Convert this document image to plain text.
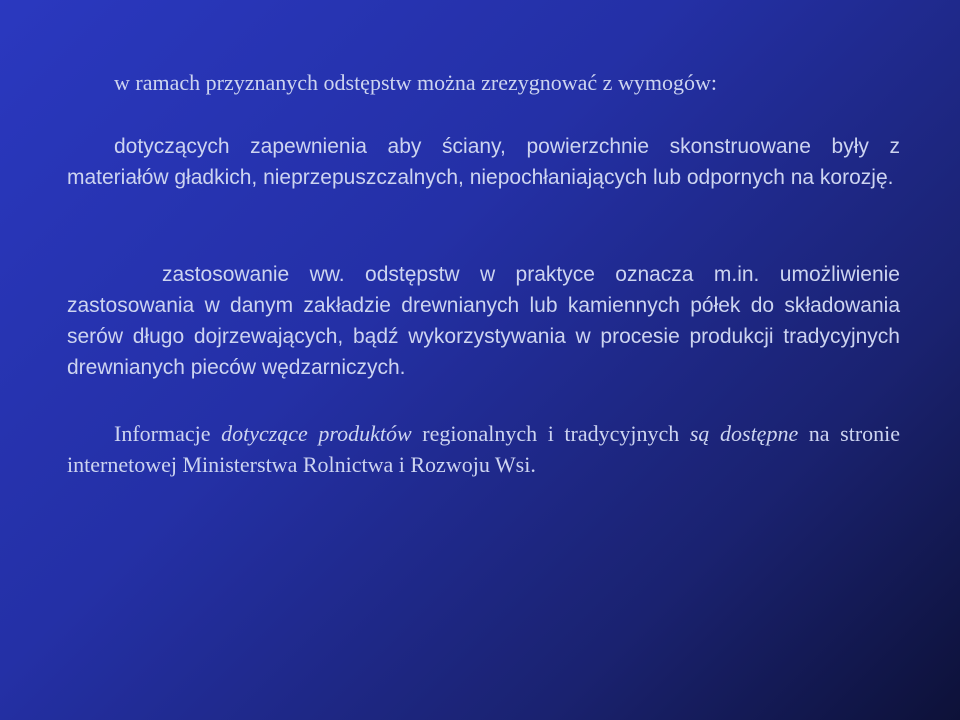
w ramach przyznanych odstępstw można zrezygnować z wymogów:

dotyczących zapewnienia aby ściany, powierzchnie skonstruowane były z materiałów gładkich, nieprzepuszczalnych, niepochłaniających lub odpornych na korozję.

zastosowanie ww. odstępstw w praktyce oznacza m.in. umożliwienie zastosowania w danym zakładzie drewnianych lub kamiennych półek do składowania serów długo dojrzewających, bądź wykorzystywania w procesie produkcji tradycyjnych drewnianych pieców wędzarniczych.

Informacje dotyczące produktów regionalnych i tradycyjnych są dostępne na stronie internetowej Ministerstwa Rolnictwa i Rozwoju Wsi.
